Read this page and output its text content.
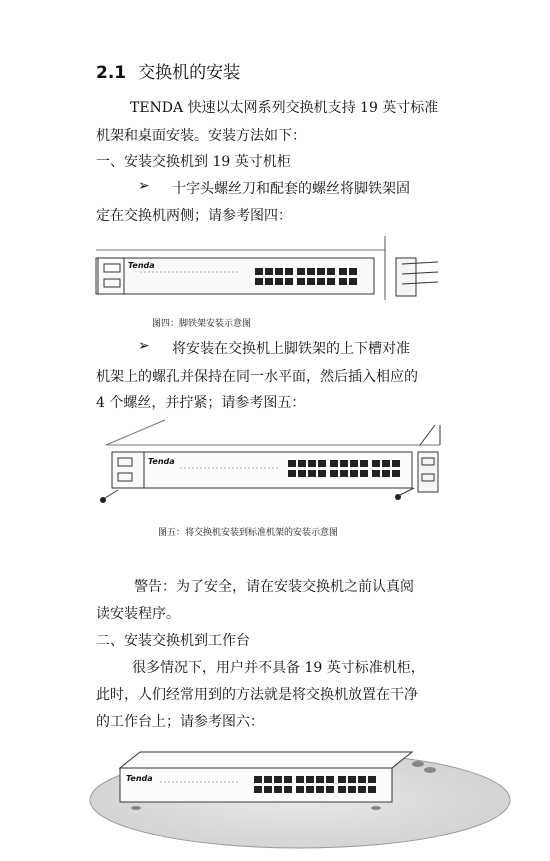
2.1 交换机的安装
TENDA 快速以太网系列交换机支持 19 英寸标准
机架和桌面安装。安装方法如下：
一、安装交换机到 19 英寸机柜
➢ 十字头螺丝刀和配套的螺丝将脚铁架固
定在交换机两侧；请参考图四：
Tenda
图四：脚铁架安装示意图
➢ 将安装在交换机上脚铁架的上下槽对准
机架上的螺孔并保持在同一水平面，然后插入相应的
4 个螺丝，并拧紧；请参考图五：
Tenda
图五：将交换机安装到标准机架的安装示意图
警告：为了安全，请在安装交换机之前认真阅
读安装程序。
二、安装交换机到工作台
很多情况下，用户并不具备 19 英寸标准机柜，
此时，人们经常用到的方法就是将交换机放置在干净
的工作台上；请参考图六：
Tenda
